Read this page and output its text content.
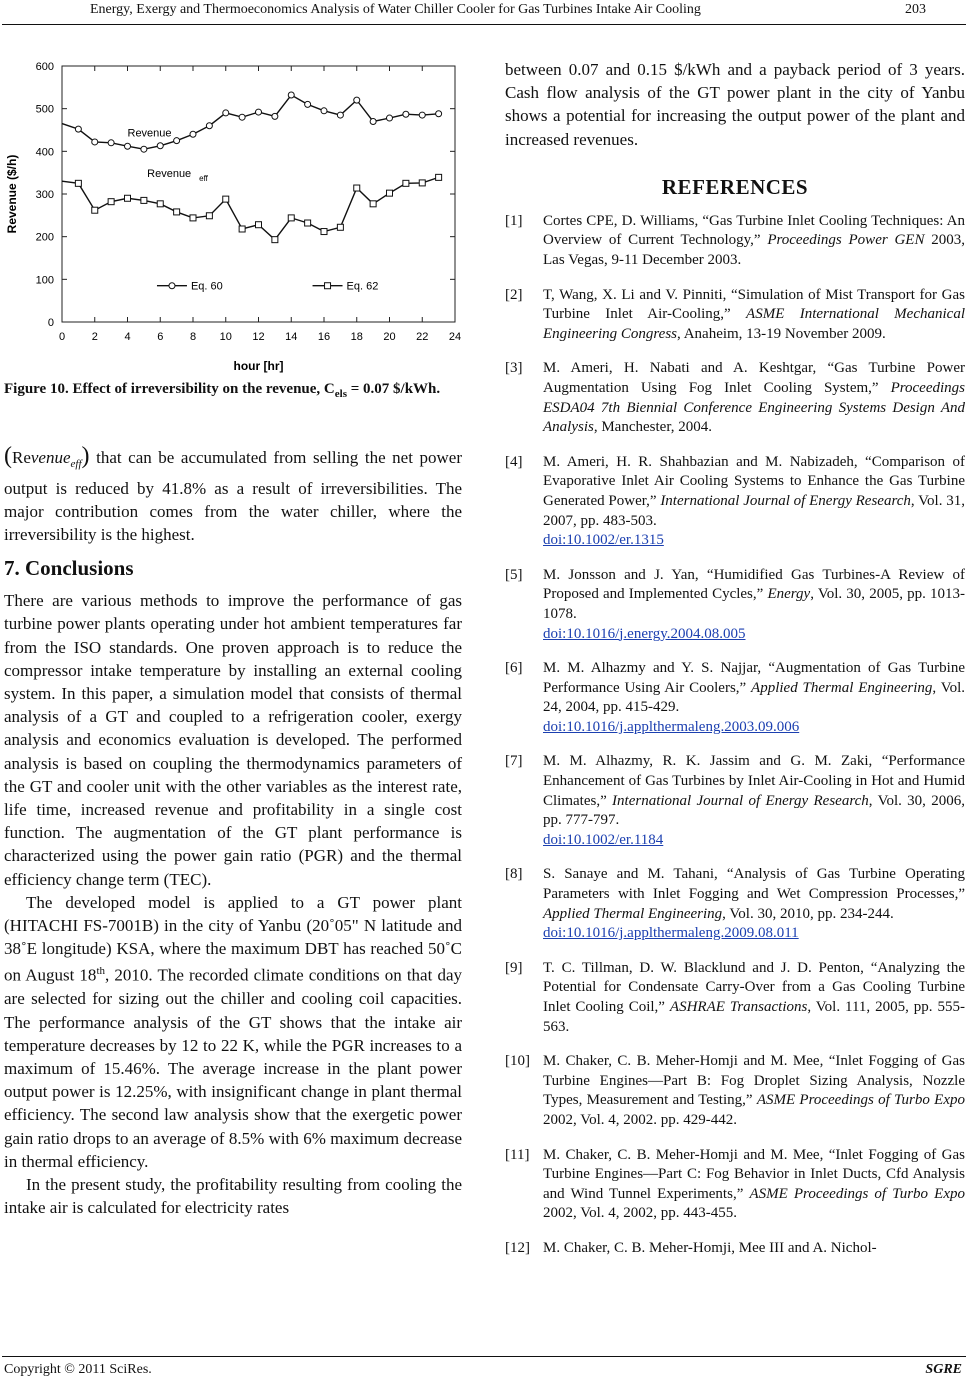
Energy, Exergy and Thermoeconomics Analysis of Water Chiller Cooler for Gas Turbines Intake Air Cooling	203
0
100
200
300
400
500
600
0 2 4 6 8 10 12 14 16 18 20 22 24
hour [hr]
Revenue ($/h)
Revenue
Revenue eff
Eq. 60	Eq. 62
Figure 10. Effect of irreversibility on the revenue, $C_{els} = 0.07$ $/kWh.

(Revenue$_{eff}$) that can be accumulated from selling the net power output is reduced by 41.8% as a result of irreversibilities. The major contribution comes from the water chiller, where the irreversibility is the highest.

7. Conclusions

There are various methods to improve the performance of gas turbine power plants operating under hot ambient temperatures far from the ISO standards. One proven approach is to reduce the compressor intake temperature by installing an external cooling system. In this paper, a simulation model that consists of thermal analysis of a GT and coupled to a refrigeration cooler, exergy analysis and economics evaluation is developed. The performed analysis is based on coupling the thermodynamics parameters of the GT and cooler unit with the other variables as the interest rate, life time, increased revenue and profitability in a single cost function. The augmentation of the GT plant performance is characterized using the power gain ratio (PGR) and the thermal efficiency change term (TEC).

The developed model is applied to a GT power plant (HITACHI FS-7001B) in the city of Yanbu (20˚05" N latitude and 38˚E longitude) KSA, where the maximum DBT has reached 50˚C on August 18th, 2010. The recorded climate conditions on that day are selected for sizing out the chiller and cooling coil capacities. The performance analysis of the GT shows that the intake air temperature decreases by 12 to 22 K, while the PGR increases to a maximum of 15.46%. The average increase in the plant power output power is 12.25%, with insignificant change in plant thermal efficiency. The second law analysis show that the exergetic power gain ratio drops to an average of 8.5% with 6% maximum decrease in thermal efficiency.

In the present study, the profitability resulting from cooling the intake air is calculated for electricity rates

between 0.07 and 0.15 $/kWh and a payback period of 3 years. Cash flow analysis of the GT power plant in the city of Yanbu shows a potential for increasing the output power of the plant and increased revenues.

REFERENCES
[1] Cortes CPE, D. Williams, “Gas Turbine Inlet Cooling Techniques: An Overview of Current Technology,” Proceedings Power GEN 2003, Las Vegas, 9-11 December 2003.
[2] T, Wang, X. Li and V. Pinniti, “Simulation of Mist Transport for Gas Turbine Inlet Air-Cooling,” ASME International Mechanical Engineering Congress, Anaheim, 13-19 November 2009.
[3] M. Ameri, H. Nabati and A. Keshtgar, “Gas Turbine Power Augmentation Using Fog Inlet Cooling System,” Proceedings ESDA04 7th Biennial Conference Engineering Systems Design And Analysis, Manchester, 2004.
[4] M. Ameri, H. R. Shahbazian and M. Nabizadeh, “Comparison of Evaporative Inlet Air Cooling Systems to Enhance the Gas Turbine Generated Power,” International Journal of Energy Research, Vol. 31, 2007, pp. 483-503.
doi:10.1002/er.1315
[5] M. Jonsson and J. Yan, “Humidified Gas Turbines-A Review of Proposed and Implemented Cycles,” Energy, Vol. 30, 2005, pp. 1013-1078.
doi:10.1016/j.energy.2004.08.005
[6] M. M. Alhazmy and Y. S. Najjar, “Augmentation of Gas Turbine Performance Using Air Coolers,” Applied Thermal Engineering, Vol. 24, 2004, pp. 415-429.
doi:10.1016/j.applthermaleng.2003.09.006
[7] M. M. Alhazmy, R. K. Jassim and G. M. Zaki, “Performance Enhancement of Gas Turbines by Inlet Air-Cooling in Hot and Humid Climates,” International Journal of Energy Research, Vol. 30, 2006, pp. 777-797.
doi:10.1002/er.1184
[8] S. Sanaye and M. Tahani, “Analysis of Gas Turbine Operating Parameters with Inlet Fogging and Wet Compression Processes,” Applied Thermal Engineering, Vol. 30, 2010, pp. 234-244.
doi:10.1016/j.applthermaleng.2009.08.011
[9] T. C. Tillman, D. W. Blacklund and J. D. Penton, “Analyzing the Potential for Condensate Carry-Over from a Gas Cooling Turbine Inlet Cooling Coil,” ASHRAE Transactions, Vol. 111, 2005, pp. 555-563.
[10] M. Chaker, C. B. Meher-Homji and M. Mee, “Inlet Fogging of Gas Turbine Engines—Part B: Fog Droplet Sizing Analysis, Nozzle Types, Measurement and Testing,” ASME Proceedings of Turbo Expo 2002, Vol. 4, 2002. pp. 429-442.
[11] M. Chaker, C. B. Meher-Homji and M. Mee, “Inlet Fogging of Gas Turbine Engines—Part C: Fog Behavior in Inlet Ducts, Cfd Analysis and Wind Tunnel Experiments,” ASME Proceedings of Turbo Expo 2002, Vol. 4, 2002, pp. 443-455.
[12] M. Chaker, C. B. Meher-Homji, Mee III and A. Nichol-
Copyright © 2011 SciRes.	SGRE
